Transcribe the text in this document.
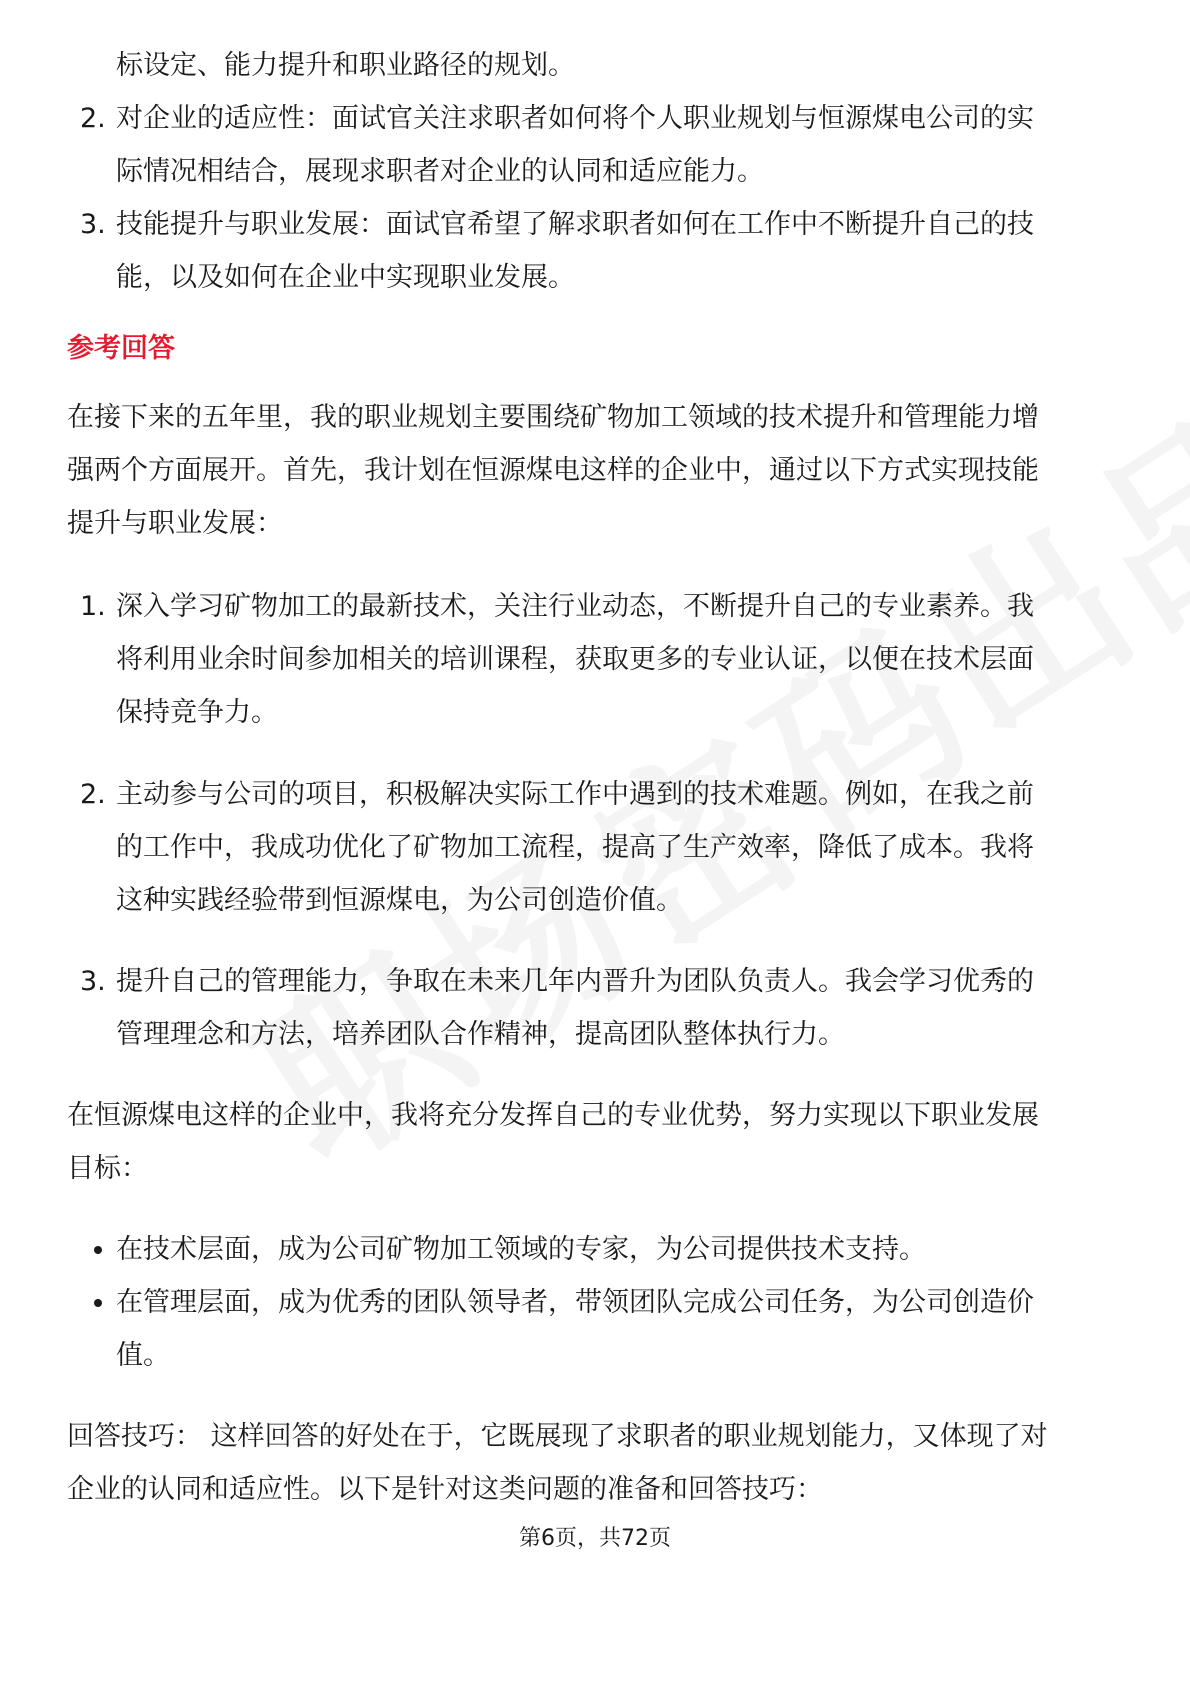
标设定、能力提升和职业路径的规划。
2. 对企业的适应性：面试官关注求职者如何将个人职业规划与恒源煤电公司的实
际情况相结合，展现求职者对企业的认同和适应能力。
3. 技能提升与职业发展：面试官希望了解求职者如何在工作中不断提升自己的技
能，以及如何在企业中实现职业发展。
参考回答
在接下来的五年里，我的职业规划主要围绕矿物加工领域的技术提升和管理能力增
强两个方面展开。首先，我计划在恒源煤电这样的企业中，通过以下方式实现技能
提升与职业发展：
1. 深入学习矿物加工的最新技术，关注行业动态，不断提升自己的专业素养。我
将利用业余时间参加相关的培训课程，获取更多的专业认证，以便在技术层面
保持竞争力。
2. 主动参与公司的项目，积极解决实际工作中遇到的技术难题。例如，在我之前
的工作中，我成功优化了矿物加工流程，提高了生产效率，降低了成本。我将
这种实践经验带到恒源煤电，为公司创造价值。
3. 提升自己的管理能力，争取在未来几年内晋升为团队负责人。我会学习优秀的
管理理念和方法，培养团队合作精神，提高团队整体执行力。
在恒源煤电这样的企业中，我将充分发挥自己的专业优势，努力实现以下职业发展
目标：
在技术层面，成为公司矿物加工领域的专家，为公司提供技术支持。
在管理层面，成为优秀的团队领导者，带领团队完成公司任务，为公司创造价
值。
回答技巧： 这样回答的好处在于，它既展现了求职者的职业规划能力，又体现了对
企业的认同和适应性。以下是针对这类问题的准备和回答技巧：
第6页，共72页
